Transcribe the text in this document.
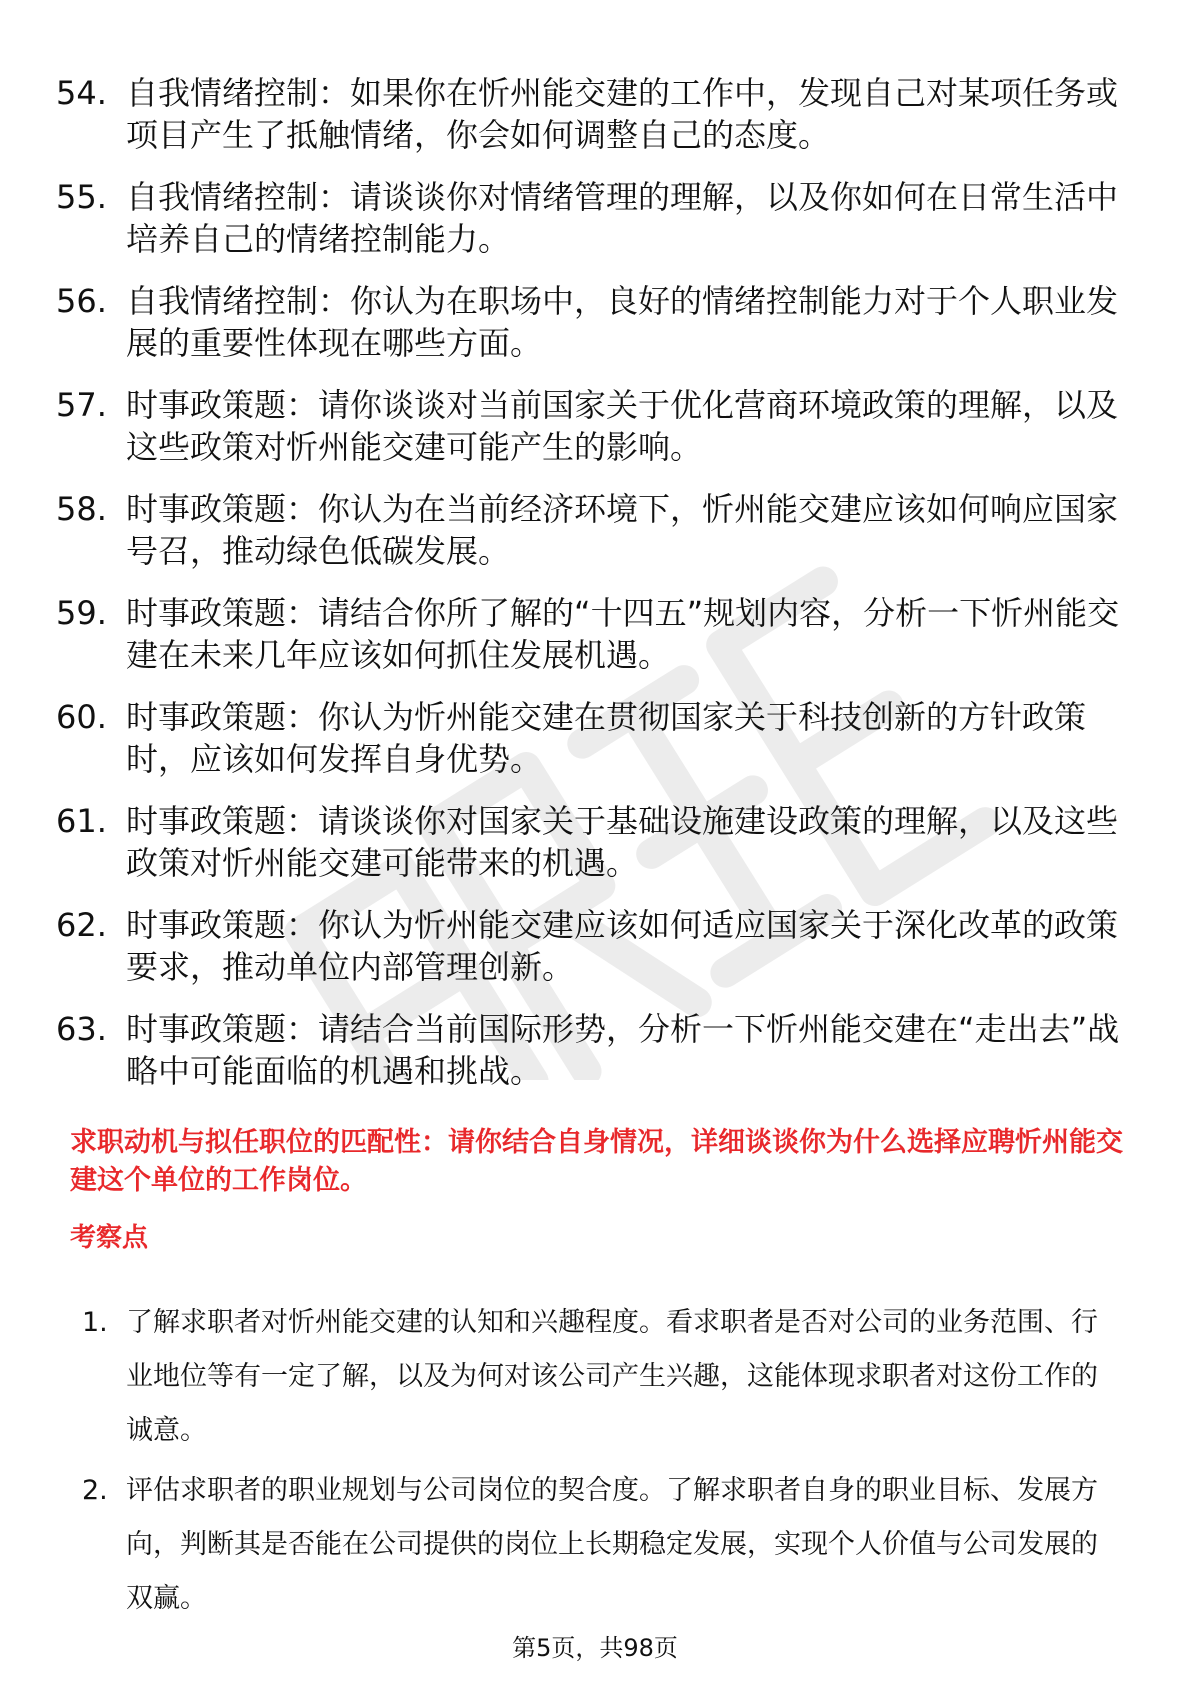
54. 自我情绪控制：如果你在忻州能交建的工作中，发现自己对某项任务或项目产生了抵触情绪，你会如何调整自己的态度。
55. 自我情绪控制：请谈谈你对情绪管理的理解，以及你如何在日常生活中培养自己的情绪控制能力。
56. 自我情绪控制：你认为在职场中，良好的情绪控制能力对于个人职业发展的重要性体现在哪些方面。
57. 时事政策题：请你谈谈对当前国家关于优化营商环境政策的理解，以及这些政策对忻州能交建可能产生的影响。
58. 时事政策题：你认为在当前经济环境下，忻州能交建应该如何响应国家号召，推动绿色低碳发展。
59. 时事政策题：请结合你所了解的“十四五”规划内容，分析一下忻州能交建在未来几年应该如何抓住发展机遇。
60. 时事政策题：你认为忻州能交建在贯彻国家关于科技创新的方针政策时，应该如何发挥自身优势。
61. 时事政策题：请谈谈你对国家关于基础设施建设政策的理解，以及这些政策对忻州能交建可能带来的机遇。
62. 时事政策题：你认为忻州能交建应该如何适应国家关于深化改革的政策要求，推动单位内部管理创新。
63. 时事政策题：请结合当前国际形势，分析一下忻州能交建在“走出去”战略中可能面临的机遇和挑战。

求职动机与拟任职位的匹配性：请你结合自身情况，详细谈谈你为什么选择应聘忻州能交建这个单位的工作岗位。

考察点

1. 了解求职者对忻州能交建的认知和兴趣程度。看求职者是否对公司的业务范围、行业地位等有一定了解，以及为何对该公司产生兴趣，这能体现求职者对这份工作的诚意。
2. 评估求职者的职业规划与公司岗位的契合度。了解求职者自身的职业目标、发展方向，判断其是否能在公司提供的岗位上长期稳定发展，实现个人价值与公司发展的双赢。
第5页，共98页
